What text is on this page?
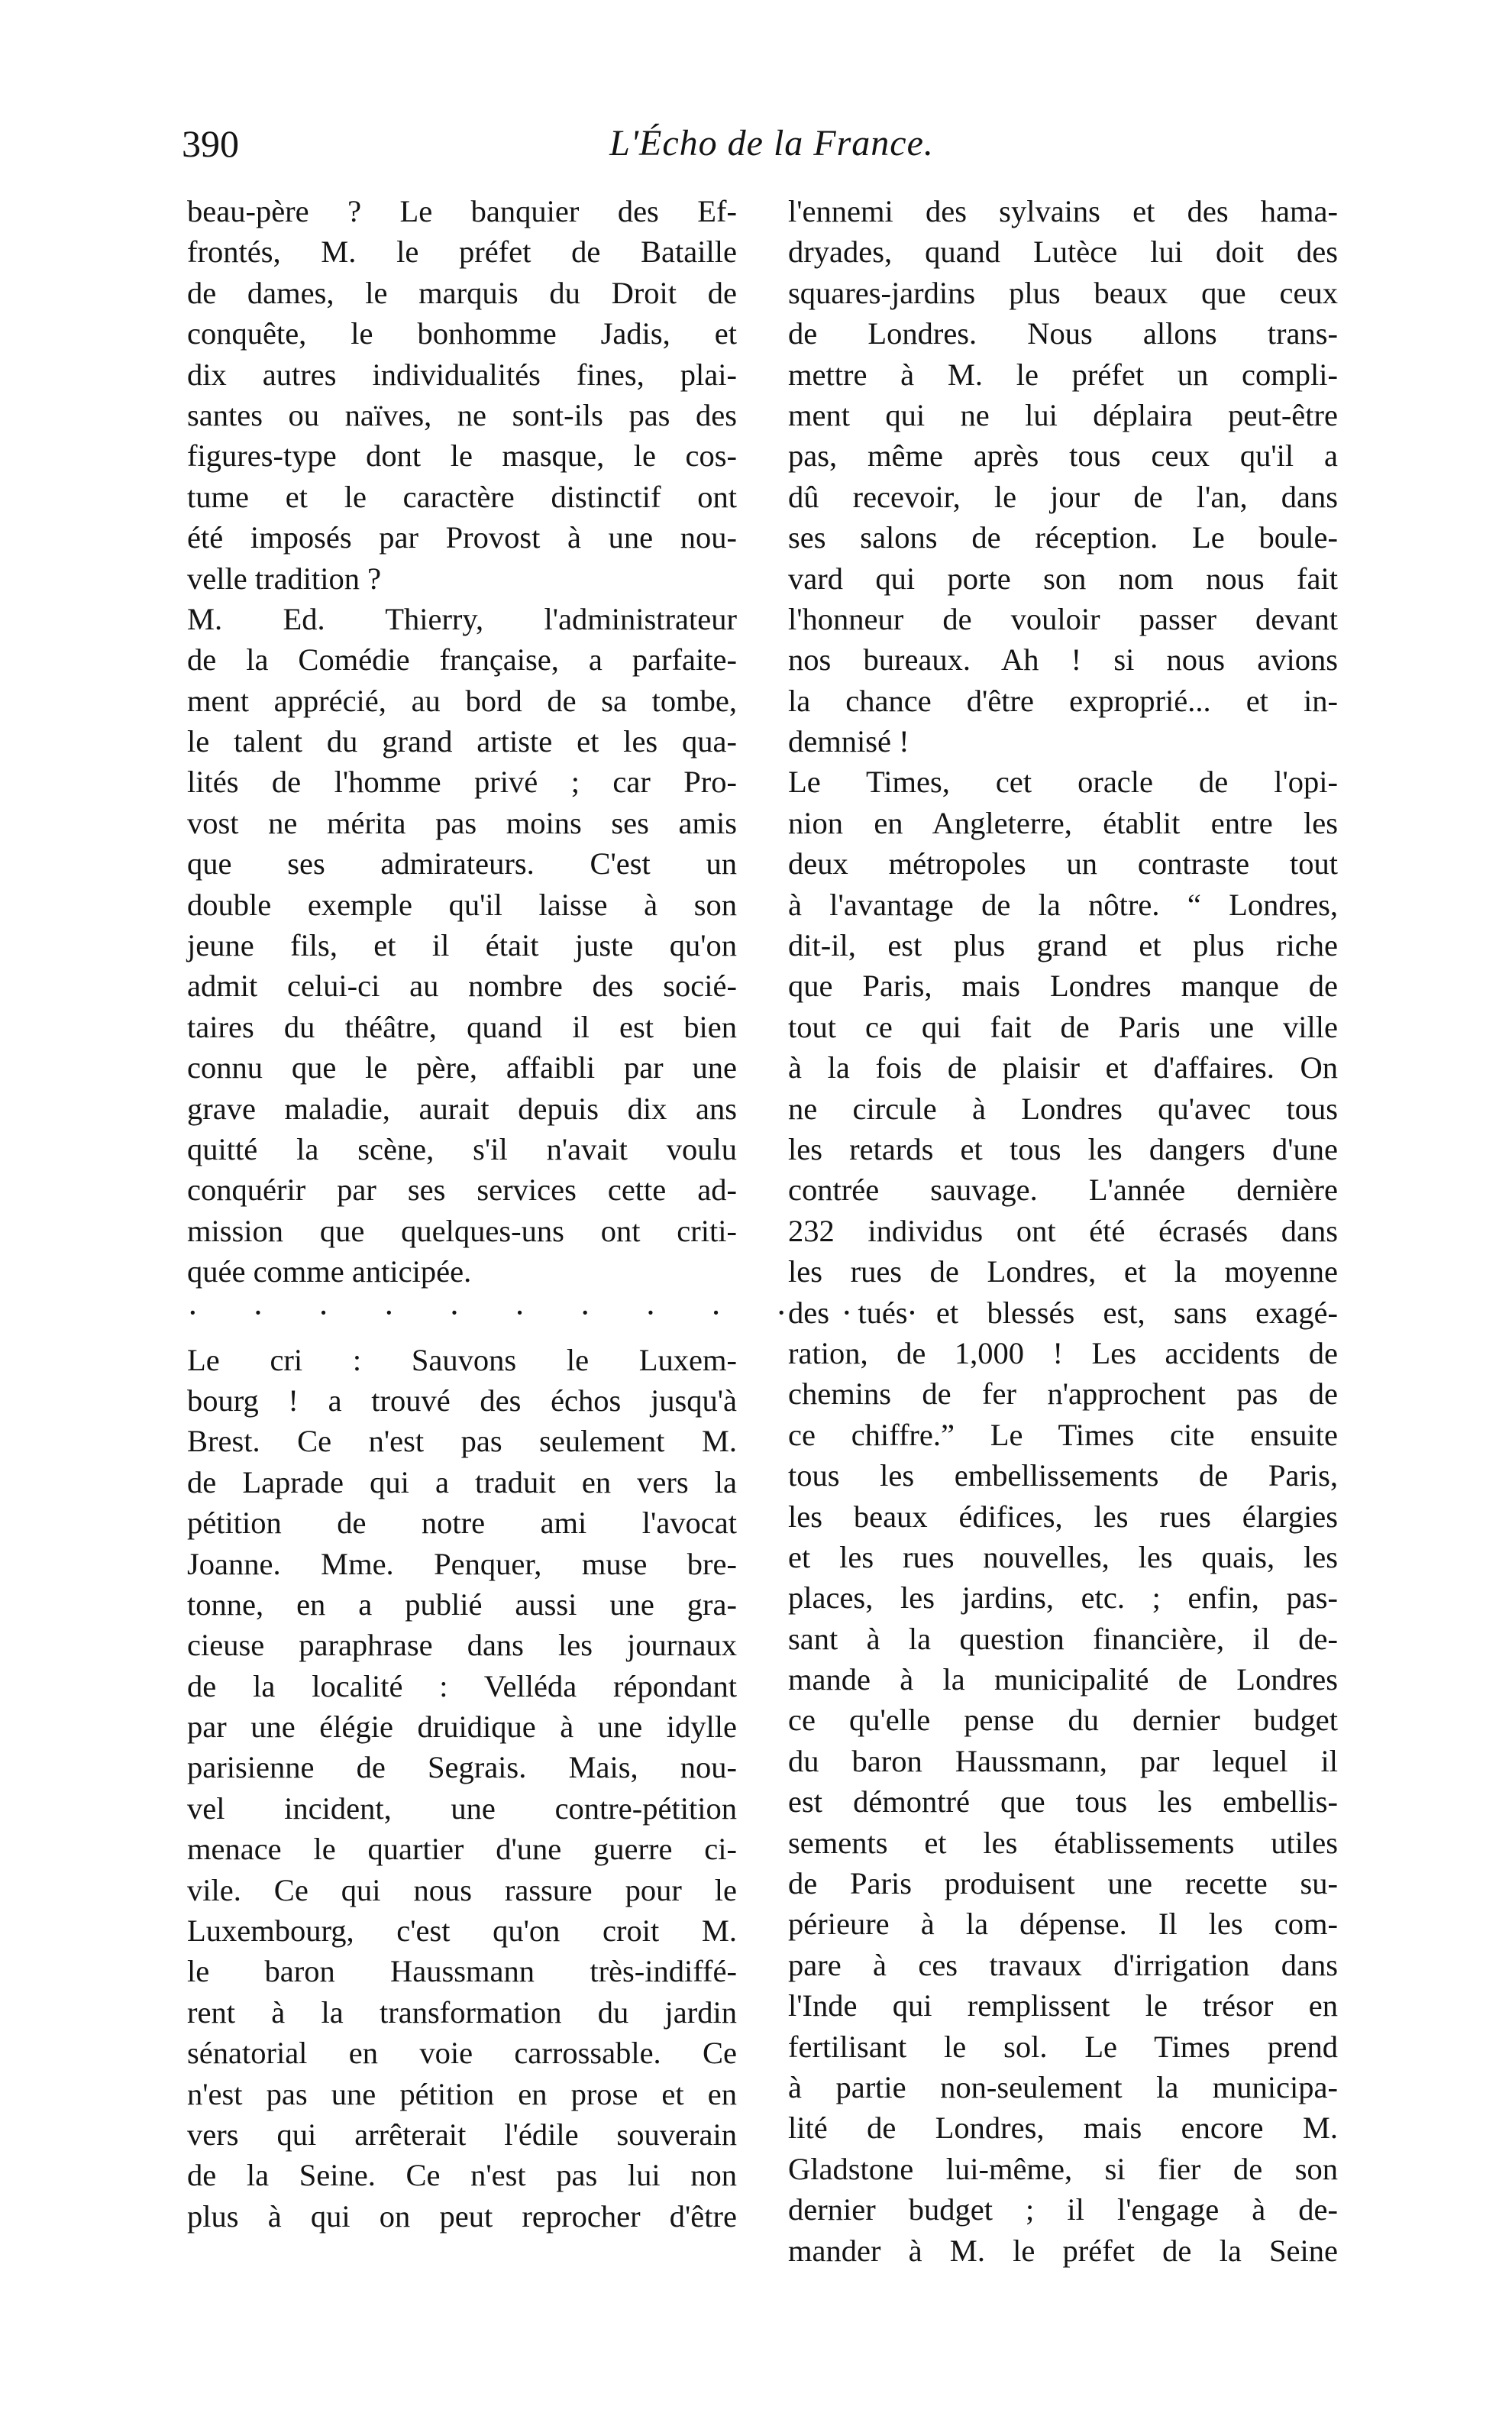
390	L'Écho de la France.
beau-père ? Le banquier des Ef-
frontés, M. le préfet de Bataille
de dames, le marquis du Droit de
conquête, le bonhomme Jadis, et
dix autres individualités fines, plai-
santes ou naïves, ne sont-ils pas des
figures-type dont le masque, le cos-
tume et le caractère distinctif ont
été imposés par Provost à une nou-
velle tradition ?
M. Ed. Thierry, l'administrateur
de la Comédie française, a parfaite-
ment apprécié, au bord de sa tombe,
le talent du grand artiste et les qua-
lités de l'homme privé ; car Pro-
vost ne mérita pas moins ses amis
que ses admirateurs. C'est un
double exemple qu'il laisse à son
jeune fils, et il était juste qu'on
admit celui-ci au nombre des socié-
taires du théâtre, quand il est bien
connu que le père, affaibli par une
grave maladie, aurait depuis dix ans
quitté la scène, s'il n'avait voulu
conquérir par ses services cette ad-
mission que quelques-uns ont criti-
quée comme anticipée.
· · · · · · · · · · · ·
Le cri : Sauvons le Luxem-
bourg ! a trouvé des échos jusqu'à
Brest. Ce n'est pas seulement M.
de Laprade qui a traduit en vers la
pétition de notre ami l'avocat
Joanne. Mme. Penquer, muse bre-
tonne, en a publié aussi une gra-
cieuse paraphrase dans les journaux
de la localité : Velléda répondant
par une élégie druidique à une idylle
parisienne de Segrais. Mais, nou-
vel incident, une contre-pétition
menace le quartier d'une guerre ci-
vile. Ce qui nous rassure pour le
Luxembourg, c'est qu'on croit M.
le baron Haussmann très-indiffé-
rent à la transformation du jardin
sénatorial en voie carrossable. Ce
n'est pas une pétition en prose et en
vers qui arrêterait l'édile souverain
de la Seine. Ce n'est pas lui non
plus à qui on peut reprocher d'être
l'ennemi des sylvains et des hama-
dryades, quand Lutèce lui doit des
squares-jardins plus beaux que ceux
de Londres. Nous allons trans-
mettre à M. le préfet un compli-
ment qui ne lui déplaira peut-être
pas, même après tous ceux qu'il a
dû recevoir, le jour de l'an, dans
ses salons de réception. Le boule-
vard qui porte son nom nous fait
l'honneur de vouloir passer devant
nos bureaux. Ah ! si nous avions
la chance d'être exproprié... et in-
demnisé !
Le Times, cet oracle de l'opi-
nion en Angleterre, établit entre les
deux métropoles un contraste tout
à l'avantage de la nôtre. “ Londres,
dit-il, est plus grand et plus riche
que Paris, mais Londres manque de
tout ce qui fait de Paris une ville
à la fois de plaisir et d'affaires. On
ne circule à Londres qu'avec tous
les retards et tous les dangers d'une
contrée sauvage. L'année dernière
232 individus ont été écrasés dans
les rues de Londres, et la moyenne
des tués et blessés est, sans exagé-
ration, de 1,000 ! Les accidents de
chemins de fer n'approchent pas de
ce chiffre.” Le Times cite ensuite
tous les embellissements de Paris,
les beaux édifices, les rues élargies
et les rues nouvelles, les quais, les
places, les jardins, etc. ; enfin, pas-
sant à la question financière, il de-
mande à la municipalité de Londres
ce qu'elle pense du dernier budget
du baron Haussmann, par lequel il
est démontré que tous les embellis-
sements et les établissements utiles
de Paris produisent une recette su-
périeure à la dépense. Il les com-
pare à ces travaux d'irrigation dans
l'Inde qui remplissent le trésor en
fertilisant le sol. Le Times prend
à partie non-seulement la municipa-
lité de Londres, mais encore M.
Gladstone lui-même, si fier de son
dernier budget ; il l'engage à de-
mander à M. le préfet de la Seine
